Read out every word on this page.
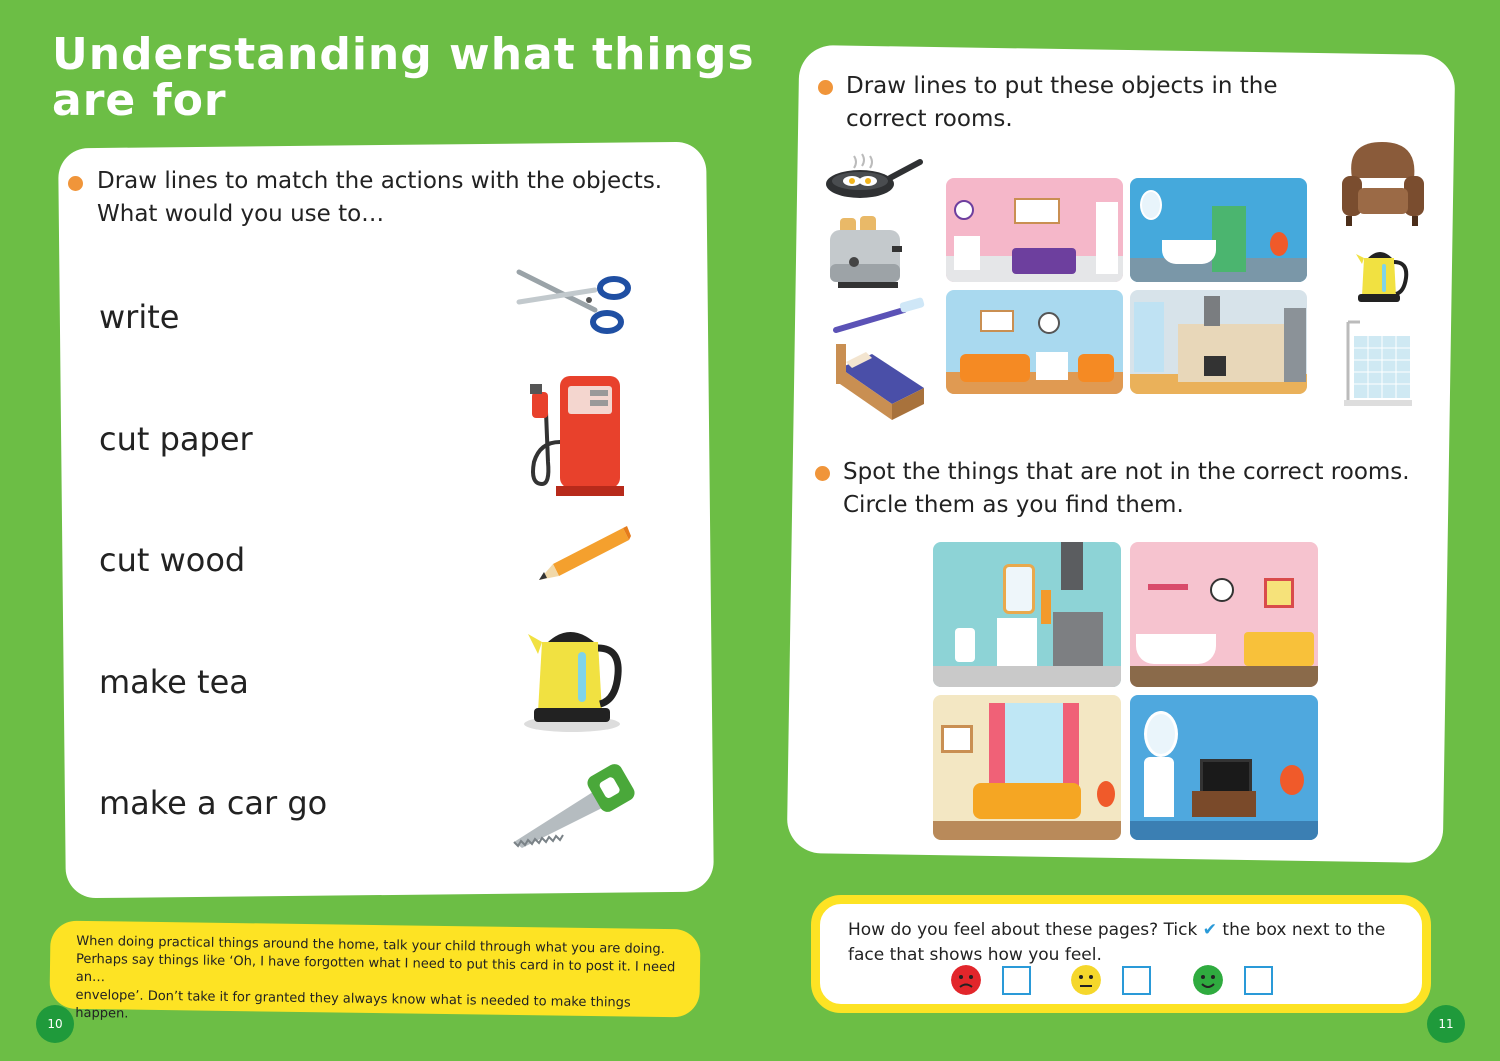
Understanding what things
are for
Draw lines to match the actions with the objects.
What would you use to…
write
cut paper
cut wood
make tea
make a car go
Draw lines to put these objects in the
correct rooms.
Spot the things that are not in the correct rooms.
Circle them as you find them.
When doing practical things around the home, talk your child through what you are doing.
Perhaps say things like ‘Oh, I have forgotten what I need to put this card in to post it. I need an…
envelope’. Don’t take it for granted they always know what is needed to make things happen.
How do you feel about these pages? Tick ✔ the box next to the
face that shows how you feel.
10	11
